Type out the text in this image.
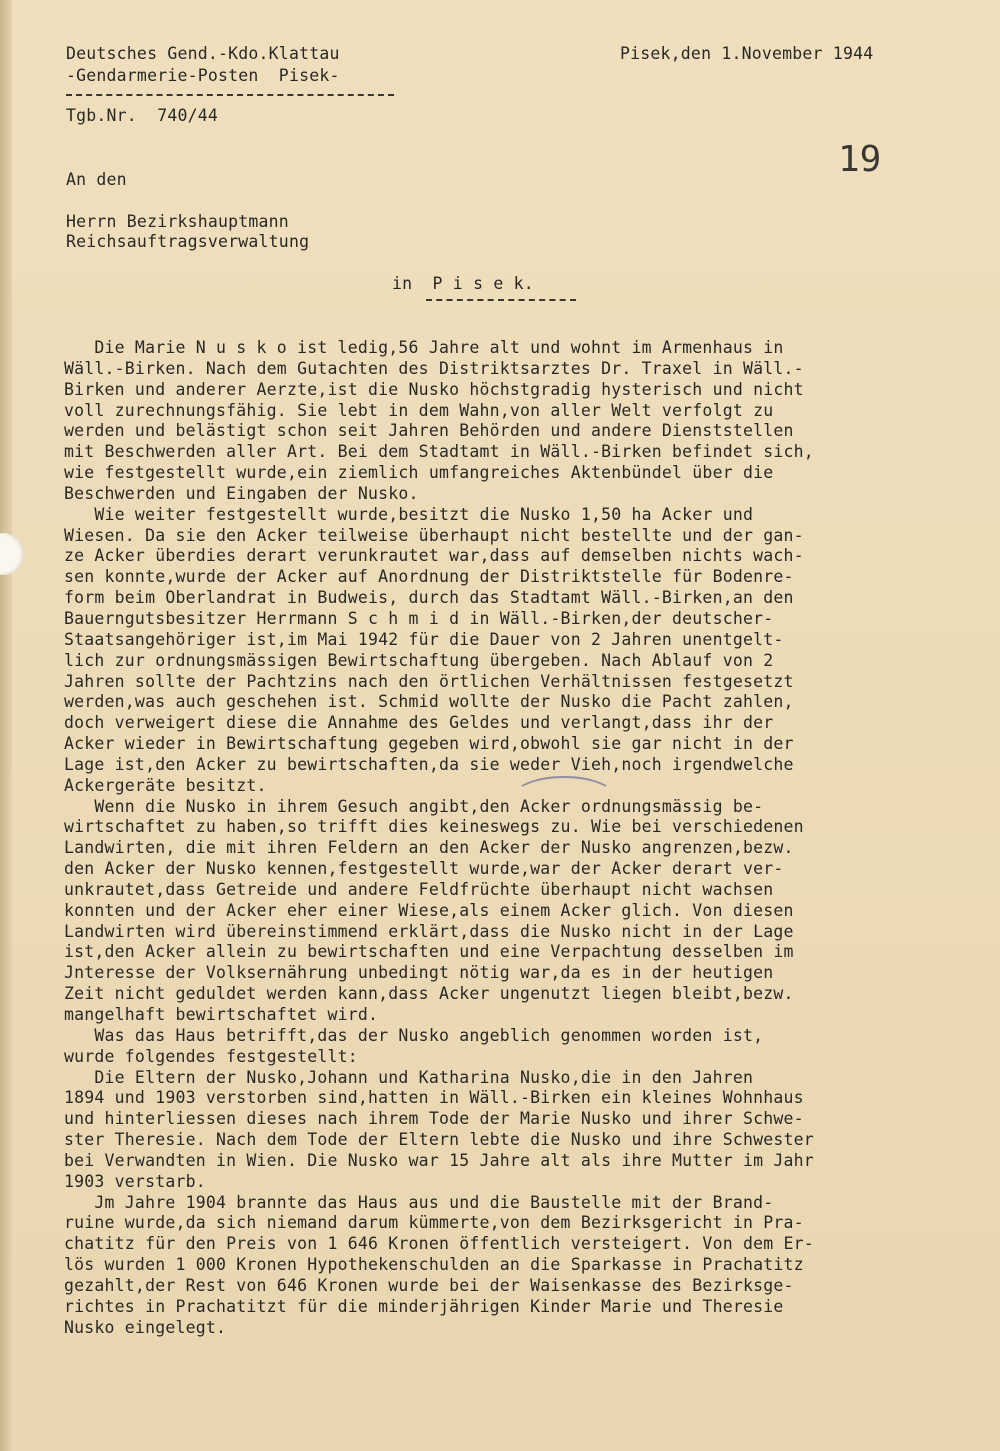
Deutsches Gend.-Kdo.Klattau
-Gendarmerie-Posten  Pisek-
Tgb.Nr.  740/44
Pisek,den 1.November 1944
19
An den
Herrn Bezirkshauptmann
Reichsauftragsverwaltung
in  P i s e k.
Die Marie N u s k o ist ledig,56 Jahre alt und wohnt im Armenhaus in
Wäll.-Birken. Nach dem Gutachten des Distriktsarztes Dr. Traxel in Wäll.-
Birken und anderer Aerzte,ist die Nusko höchstgradig hysterisch und nicht
voll zurechnungsfähig. Sie lebt in dem Wahn,von aller Welt verfolgt zu
werden und belästigt schon seit Jahren Behörden und andere Dienststellen
mit Beschwerden aller Art. Bei dem Stadtamt in Wäll.-Birken befindet sich,
wie festgestellt wurde,ein ziemlich umfangreiches Aktenbündel über die
Beschwerden und Eingaben der Nusko.
Wie weiter festgestellt wurde,besitzt die Nusko 1,50 ha Acker und
Wiesen. Da sie den Acker teilweise überhaupt nicht bestellte und der gan-
ze Acker überdies derart verunkrautet war,dass auf demselben nichts wach-
sen konnte,wurde der Acker auf Anordnung der Distriktstelle für Bodenre-
form beim Oberlandrat in Budweis, durch das Stadtamt Wäll.-Birken,an den
Bauerngutsbesitzer Herrmann S c h m i d in Wäll.-Birken,der deutscher-
Staatsangehöriger ist,im Mai 1942 für die Dauer von 2 Jahren unentgelt-
lich zur ordnungsmässigen Bewirtschaftung übergeben. Nach Ablauf von 2
Jahren sollte der Pachtzins nach den örtlichen Verhältnissen festgesetzt
werden,was auch geschehen ist. Schmid wollte der Nusko die Pacht zahlen,
doch verweigert diese die Annahme des Geldes und verlangt,dass ihr der
Acker wieder in Bewirtschaftung gegeben wird,obwohl sie gar nicht in der
Lage ist,den Acker zu bewirtschaften,da sie weder Vieh,noch irgendwelche
Ackergeräte besitzt.
Wenn die Nusko in ihrem Gesuch angibt,den Acker ordnungsmässig be-
wirtschaftet zu haben,so trifft dies keineswegs zu. Wie bei verschiedenen
Landwirten, die mit ihren Feldern an den Acker der Nusko angrenzen,bezw.
den Acker der Nusko kennen,festgestellt wurde,war der Acker derart ver-
unkrautet,dass Getreide und andere Feldfrüchte überhaupt nicht wachsen
konnten und der Acker eher einer Wiese,als einem Acker glich. Von diesen
Landwirten wird übereinstimmend erklärt,dass die Nusko nicht in der Lage
ist,den Acker allein zu bewirtschaften und eine Verpachtung desselben im
Jnteresse der Volksernährung unbedingt nötig war,da es in der heutigen
Zeit nicht geduldet werden kann,dass Acker ungenutzt liegen bleibt,bezw.
mangelhaft bewirtschaftet wird.
Was das Haus betrifft,das der Nusko angeblich genommen worden ist,
wurde folgendes festgestellt:
Die Eltern der Nusko,Johann und Katharina Nusko,die in den Jahren
1894 und 1903 verstorben sind,hatten in Wäll.-Birken ein kleines Wohnhaus
und hinterliessen dieses nach ihrem Tode der Marie Nusko und ihrer Schwe-
ster Theresie. Nach dem Tode der Eltern lebte die Nusko und ihre Schwester
bei Verwandten in Wien. Die Nusko war 15 Jahre alt als ihre Mutter im Jahr
1903 verstarb.
Jm Jahre 1904 brannte das Haus aus und die Baustelle mit der Brand-
ruine wurde,da sich niemand darum kümmerte,von dem Bezirksgericht in Pra-
chatitz für den Preis von 1 646 Kronen öffentlich versteigert. Von dem Er-
lös wurden 1 000 Kronen Hypothekenschulden an die Sparkasse in Prachatitz
gezahlt,der Rest von 646 Kronen wurde bei der Waisenkasse des Bezirksge-
richtes in Prachatitzt für die minderjährigen Kinder Marie und Theresie
Nusko eingelegt.
